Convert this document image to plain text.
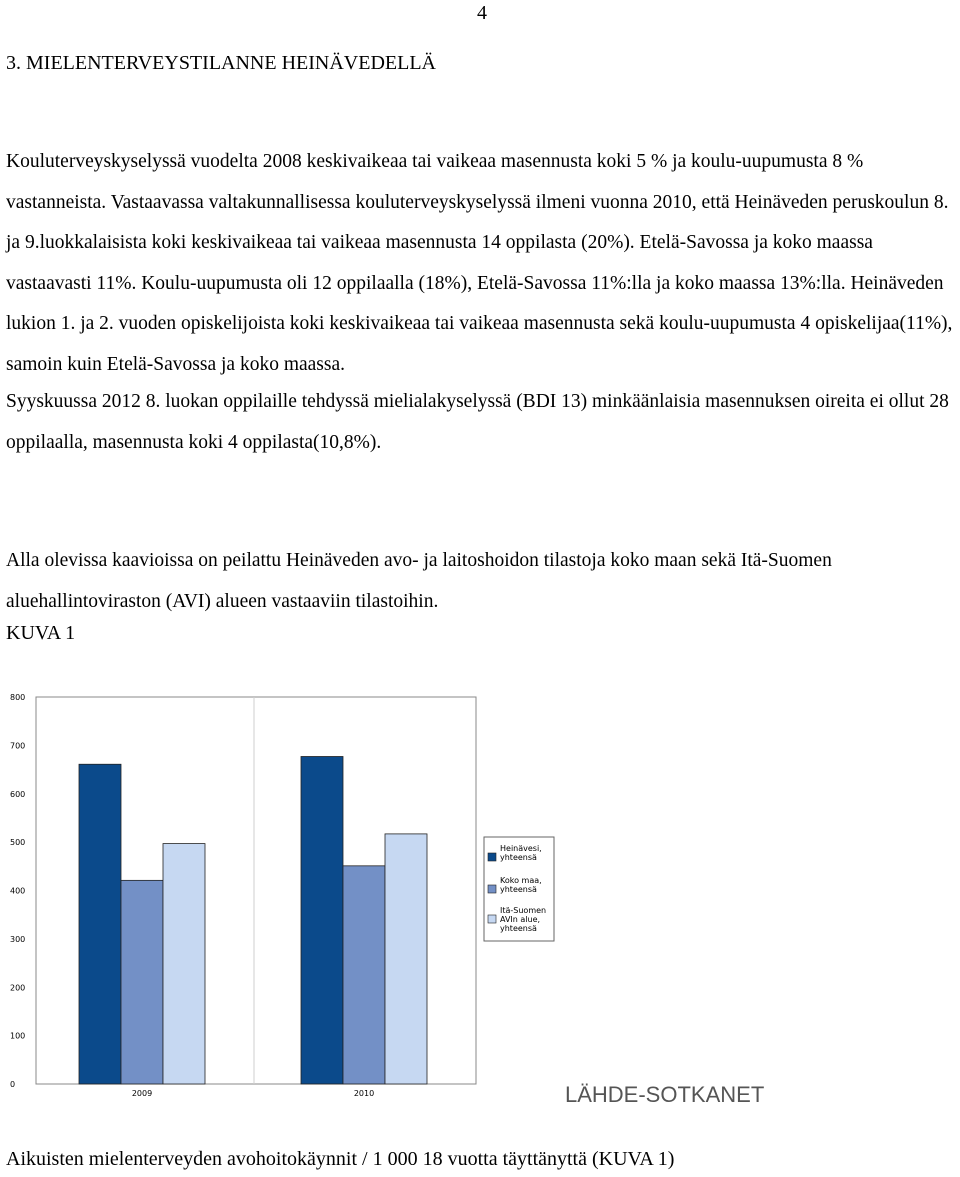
4
3. MIELENTERVEYSTILANNE HEINÄVEDELLÄ

Kouluterveyskyselyssä vuodelta 2008 keskivaikeaa tai vaikeaa masennusta koki 5 % ja koulu-uupumusta 8 % vastanneista. Vastaavassa valtakunnallisessa kouluterveyskyselyssä ilmeni vuonna 2010, että Heinäveden peruskoulun 8. ja 9.luokkalaisista koki keskivaikeaa tai vaikeaa masennusta 14 oppilasta (20%). Etelä-Savossa ja koko maassa vastaavasti 11%. Koulu-uupumusta oli 12 oppilaalla (18%), Etelä-Savossa 11%:lla ja koko maassa 13%:lla. Heinäveden lukion 1. ja 2. vuoden opiskelijoista koki keskivaikeaa tai vaikeaa masennusta sekä koulu-uupumusta 4 opiskelijaa(11%), samoin kuin Etelä-Savossa ja koko maassa.

Syyskuussa 2012 8. luokan oppilaille tehdyssä mielialakyselyssä (BDI 13) minkäänlaisia masennuksen oireita ei ollut 28 oppilaalla, masennusta koki 4 oppilasta(10,8%).

Alla olevissa kaavioissa on peilattu Heinäveden avo- ja laitoshoidon tilastoja koko maan sekä Itä-Suomen aluehallintoviraston (AVI) alueen vastaaviin tilastoihin.

KUVA 1
0
100
200
300
400
500
600
700
800
2009	2010
Heinävesi, yhteensä
Koko maa, yhteensä
Itä-Suomen AVIn alue, yhteensä
LÄHDE-SOTKANET
Aikuisten mielenterveyden avohoitokäynnit / 1 000 18 vuotta täyttänyttä (KUVA 1)
